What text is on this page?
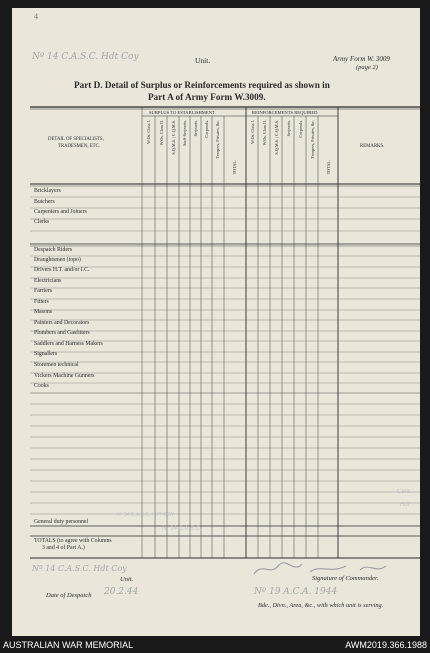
4
Nº 14 C.A.S.C. Hdt Coy	Unit.	Army Form W. 3009
(page 2)
Part D. Detail of Surplus or Reinforcements required as shown in
Part A of Army Form W.3009.
DETAIL OF SPECIALISTS,
TRADESMEN, ETC.
SURPLUS TO ESTABLISHMENT.	REINFORCEMENTS REQUIRED.
REMARKS.
W.Os. Class I. W.Os. Class II. S.Q.M.S. | C.Q.M.S. Staff-Serjeants. Serjeants. Corporals. Troopers, Privates, &c.
TOTAL.
W.Os. Class I. W.Os. Class II. S.Q.M.S. | C.Q.M.S. Serjeants. Corporals. Troopers, Privates, &c.
TOTAL.
Bricklayers
Butchers
Carpenters and Joiners
Clerks
Despatch Riders
Draughtsmen (topo)
Drivers H.T. and/or I.C.
Electricians
Farriers
Fitters
Masons
Painters and Decorators
Plumbers and Gasfitters
Saddlers and Harness Makers
Signallers
Storemen technical
Vickers Machine Gunners
Cooks
General duty personnel
TOTALS (to agree with Columns
3 and 4 of Part A.)
Nº 14 C.A.S.C. HDT COY
Nº 14 C.A.S.C.
Cent
Hdt
Nº 14 C.A.S.C. Hdt Coy
Unit.	Signature of Commander.
Date of Despatch 20.2.44	Nº 19 A.C.A. 1944
Bde., Divn., Area, &c., with which unit is serving.
AUSTRALIAN WAR MEMORIAL	AWM2019.366.1988
